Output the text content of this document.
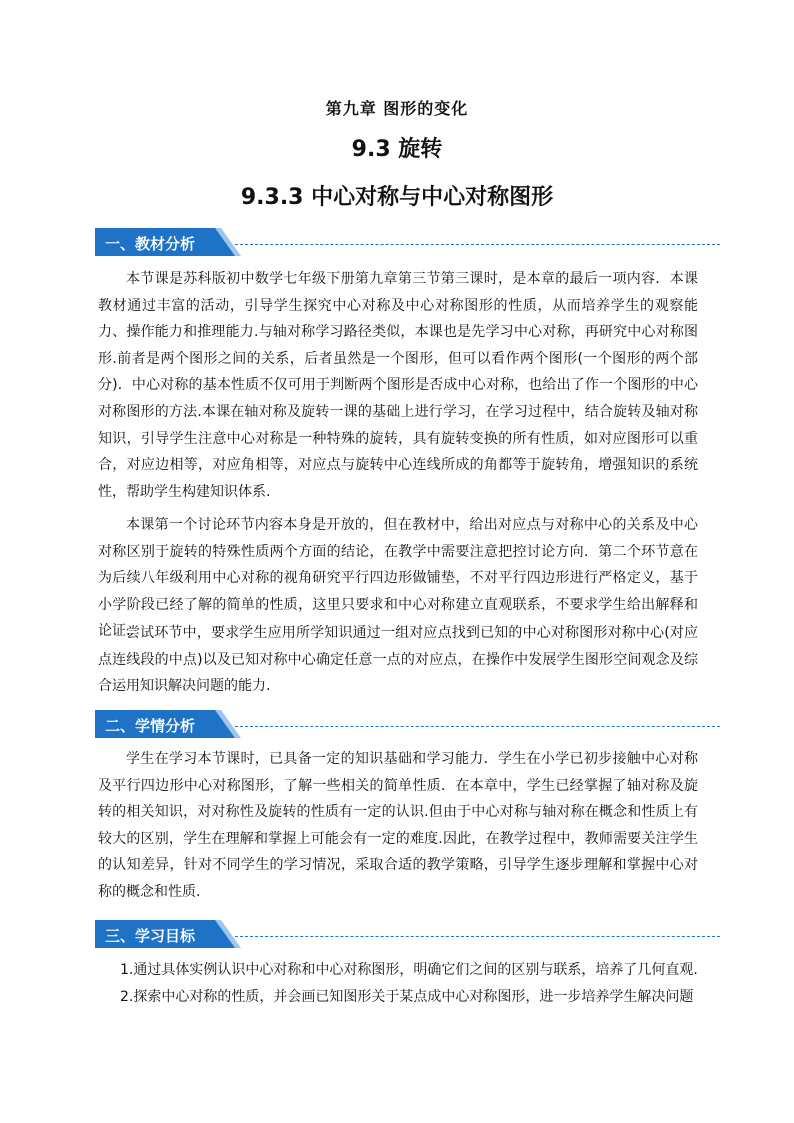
第九章 图形的变化
9.3 旋转
9.3.3 中心对称与中心对称图形
一、教材分析

本节课是苏科版初中数学七年级下册第九章第三节第三课时，是本章的最后一项内容．本课教材通过丰富的活动，引导学生探究中心对称及中心对称图形的性质，从而培养学生的观察能力、操作能力和推理能力.与轴对称学习路径类似，本课也是先学习中心对称，再研究中心对称图形.前者是两个图形之间的关系，后者虽然是一个图形，但可以看作两个图形(一个图形的两个部分)．中心对称的基本性质不仅可用于判断两个图形是否成中心对称，也给出了作一个图形的中心对称图形的方法.本课在轴对称及旋转一课的基础上进行学习，在学习过程中，结合旋转及轴对称知识，引导学生注意中心对称是一种特殊的旋转，具有旋转变换的所有性质，如对应图形可以重合，对应边相等，对应角相等，对应点与旋转中心连线所成的角都等于旋转角，增强知识的系统性，帮助学生构建知识体系.

本课第一个讨论环节内容本身是开放的，但在教材中，给出对应点与对称中心的关系及中心对称区别于旋转的特殊性质两个方面的结论，在教学中需要注意把控讨论方向．第二个环节意在为后续八年级利用中心对称的视角研究平行四边形做铺垫，不对平行四边形进行严格定义，基于小学阶段已经了解的简单的性质，这里只要求和中心对称建立直观联系，不要求学生给出解释和论证.

尝试环节中，要求学生应用所学知识通过一组对应点找到已知的中心对称图形对称中心(对应点连线段的中点)以及已知对称中心确定任意一点的对应点，在操作中发展学生图形空间观念及综合运用知识解决问题的能力.

二、学情分析

学生在学习本节课时，已具备一定的知识基础和学习能力．学生在小学已初步接触中心对称及平行四边形中心对称图形，了解一些相关的简单性质．在本章中，学生已经掌握了轴对称及旋转的相关知识，对对称性及旋转的性质有一定的认识.但由于中心对称与轴对称在概念和性质上有较大的区别，学生在理解和掌握上可能会有一定的难度.因此，在教学过程中，教师需要关注学生的认知差异，针对不同学生的学习情况，采取合适的教学策略，引导学生逐步理解和掌握中心对称的概念和性质.

三、学习目标

1.通过具体实例认识中心对称和中心对称图形，明确它们之间的区别与联系，培养了几何直观.

2.探索中心对称的性质，并会画已知图形关于某点成中心对称图形，进一步培养学生解决问题
